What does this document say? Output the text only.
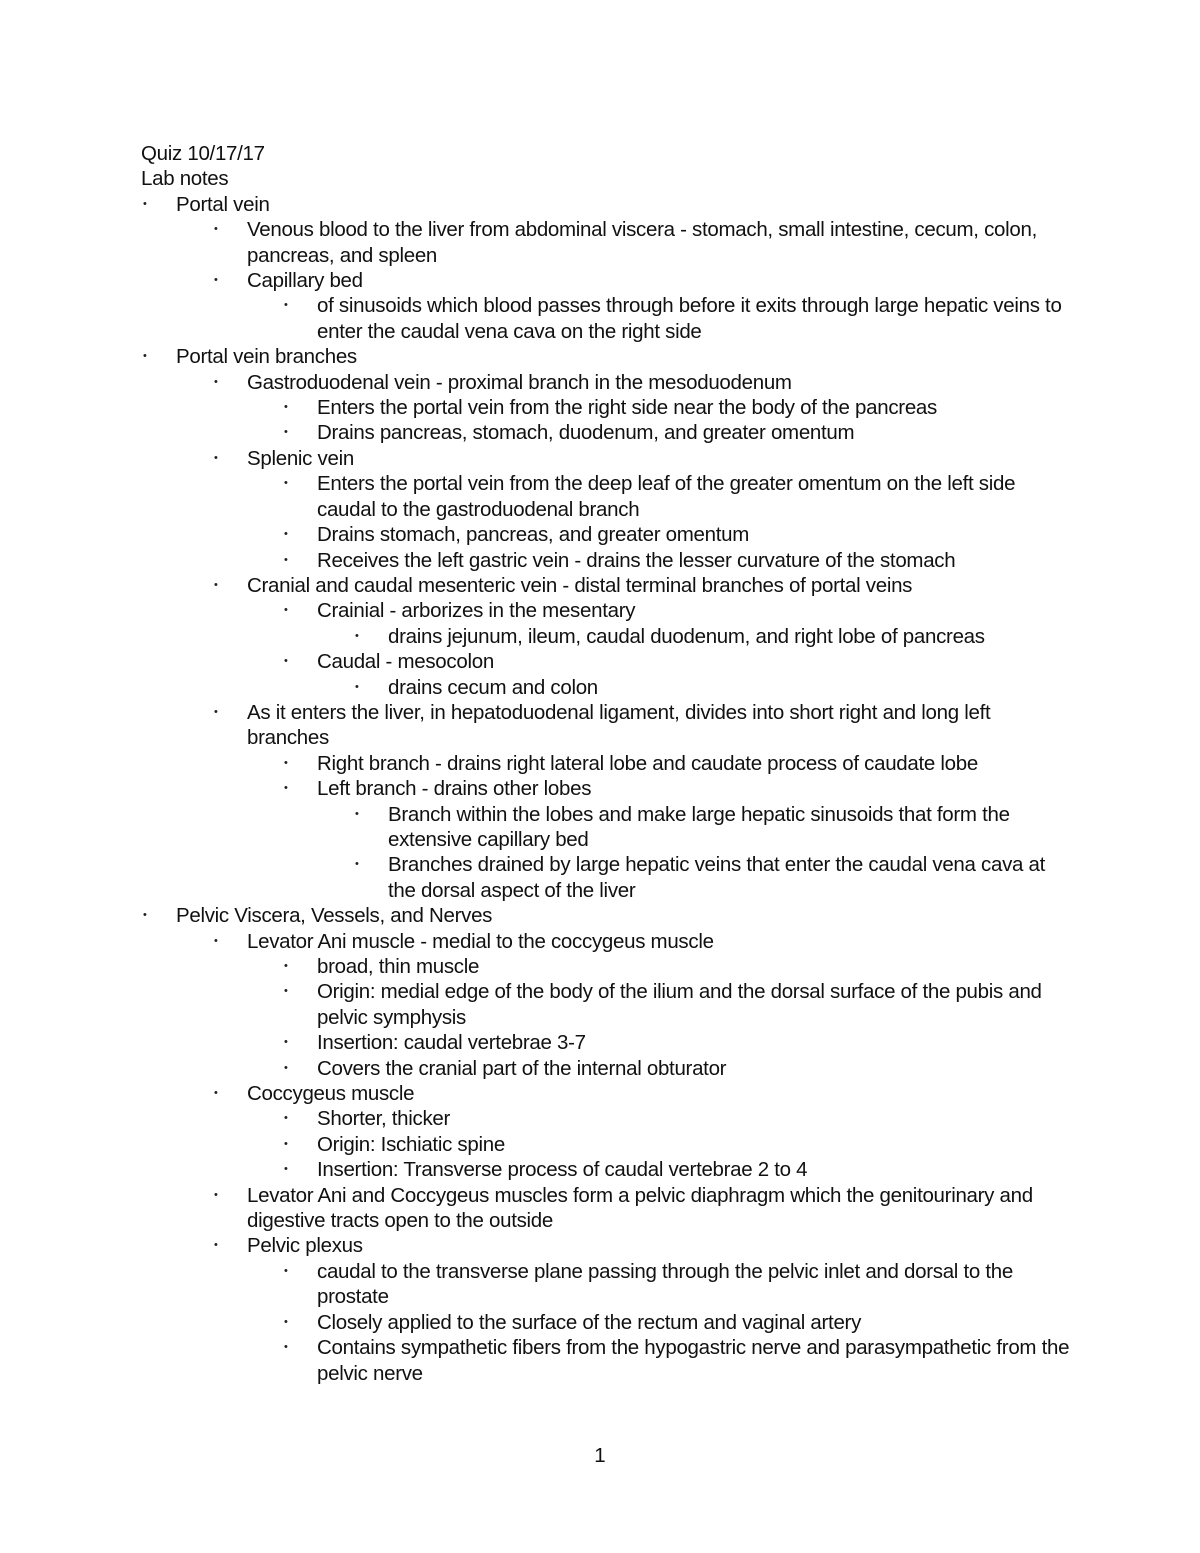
Quiz 10/17/17

Lab notes

• Portal vein
• Venous blood to the liver from abdominal viscera - stomach, small intestine, cecum, colon, pancreas, and spleen
• Capillary bed
• of sinusoids which blood passes through before it exits through large hepatic veins to enter the caudal vena cava on the right side
• Portal vein branches
• Gastroduodenal vein - proximal branch in the mesoduodenum
• Enters the portal vein from the right side near the body of the pancreas
• Drains pancreas, stomach, duodenum, and greater omentum
• Splenic vein
• Enters the portal vein from the deep leaf of the greater omentum on the left side caudal to the gastroduodenal branch
• Drains stomach, pancreas, and greater omentum
• Receives the left gastric vein - drains the lesser curvature of the stomach
• Cranial and caudal mesenteric vein - distal terminal branches of portal veins
• Crainial - arborizes in the mesentary
• drains jejunum, ileum, caudal duodenum, and right lobe of pancreas
• Caudal - mesocolon
• drains cecum and colon
• As it enters the liver, in hepatoduodenal ligament, divides into short right and long left branches
• Right branch - drains right lateral lobe and caudate process of caudate lobe
• Left branch - drains other lobes
• Branch within the lobes and make large hepatic sinusoids that form the extensive capillary bed
• Branches drained by large hepatic veins that enter the caudal vena cava at the dorsal aspect of the liver
• Pelvic Viscera, Vessels, and Nerves
• Levator Ani muscle - medial to the coccygeus muscle
• broad, thin muscle
• Origin: medial edge of the body of the ilium and the dorsal surface of the pubis and pelvic symphysis
• Insertion: caudal vertebrae 3-7
• Covers the cranial part of the internal obturator
• Coccygeus muscle
• Shorter, thicker
• Origin: Ischiatic spine
• Insertion: Transverse process of caudal vertebrae 2 to 4
• Levator Ani and Coccygeus muscles form a pelvic diaphragm which the genitourinary and digestive tracts open to the outside
• Pelvic plexus
• caudal to the transverse plane passing through the pelvic inlet and dorsal to the prostate
• Closely applied to the surface of the rectum and vaginal artery
• Contains sympathetic fibers from the hypogastric nerve and parasympathetic from the pelvic nerve
1
